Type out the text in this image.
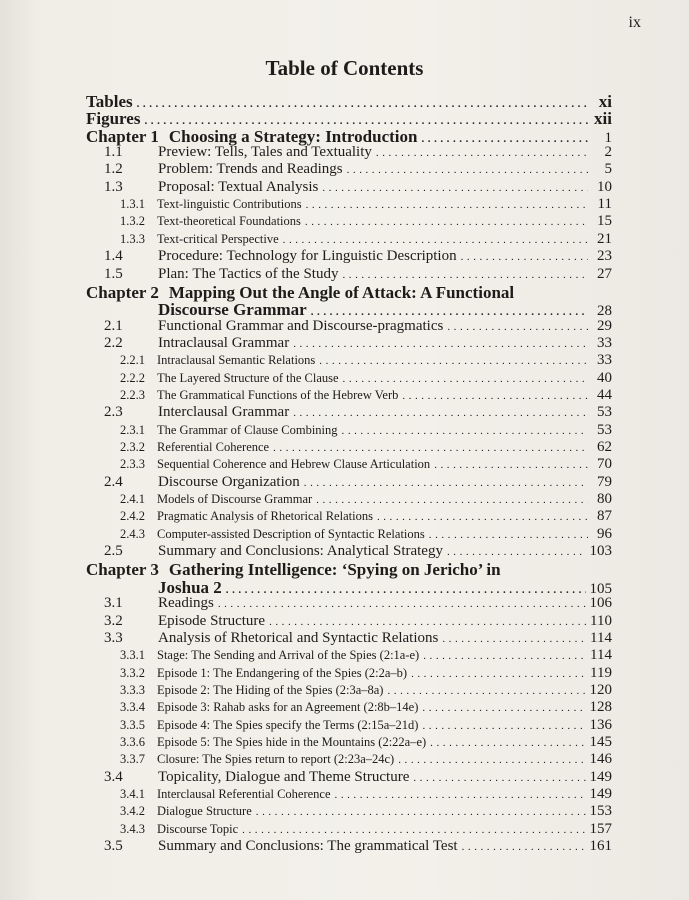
ix
Table of Contents
Tables . . .	xi
Figures . . .	xii
Chapter 1 Choosing a Strategy: Introduction . . .	1
1.1	Preview: Tells, Tales and Textuality . . .	2
1.2	Problem: Trends and Readings . . .	5
1.3	Proposal: Textual Analysis . . .	10
1.3.1 Text-linguistic Contributions . . .	11
1.3.2 Text-theoretical Foundations . . .	15
1.3.3 Text-critical Perspective . . .	21
1.4	Procedure: Technology for Linguistic Description . . .	23
1.5	Plan: The Tactics of the Study . . .	27
Chapter 2 Mapping Out the Angle of Attack: A Functional
Discourse Grammar . . .	28
2.1	Functional Grammar and Discourse-pragmatics . . .	29
2.2	Intraclausal Grammar . . .	33
2.2.1 Intraclausal Semantic Relations . . .	33
2.2.2 The Layered Structure of the Clause . . .	40
2.2.3 The Grammatical Functions of the Hebrew Verb . . .	44
2.3	Interclausal Grammar . . .	53
2.3.1 The Grammar of Clause Combining . . .	53
2.3.2 Referential Coherence . . .	62
2.3.3 Sequential Coherence and Hebrew Clause Articulation . . .	70
2.4	Discourse Organization . . .	79
2.4.1 Models of Discourse Grammar . . .	80
2.4.2 Pragmatic Analysis of Rhetorical Relations . . .	87
2.4.3 Computer-assisted Description of Syntactic Relations . . .	96
2.5	Summary and Conclusions: Analytical Strategy . . .	103
Chapter 3 Gathering Intelligence: ‘Spying on Jericho’ in
Joshua 2 . . .	105
3.1	Readings . . .	106
3.2	Episode Structure . . .	110
3.3	Analysis of Rhetorical and Syntactic Relations . . .	114
3.3.1 Stage: The Sending and Arrival of the Spies (2:1a-e) . . .	114
3.3.2 Episode 1: The Endangering of the Spies (2:2a–b) . . .	119
3.3.3 Episode 2: The Hiding of the Spies (2:3a–8a) . . .	120
3.3.4 Episode 3: Rahab asks for an Agreement (2:8b–14e) . . .	128
3.3.5 Episode 4: The Spies specify the Terms (2:15a–21d) . . .	136
3.3.6 Episode 5: The Spies hide in the Mountains (2:22a–e) . . .	145
3.3.7 Closure: The Spies return to report (2:23a–24c) . . .	146
3.4	Topicality, Dialogue and Theme Structure . . .	149
3.4.1 Interclausal Referential Coherence . . .	149
3.4.2 Dialogue Structure . . .	153
3.4.3 Discourse Topic . . .	157
3.5	Summary and Conclusions: The grammatical Test . . .	161
